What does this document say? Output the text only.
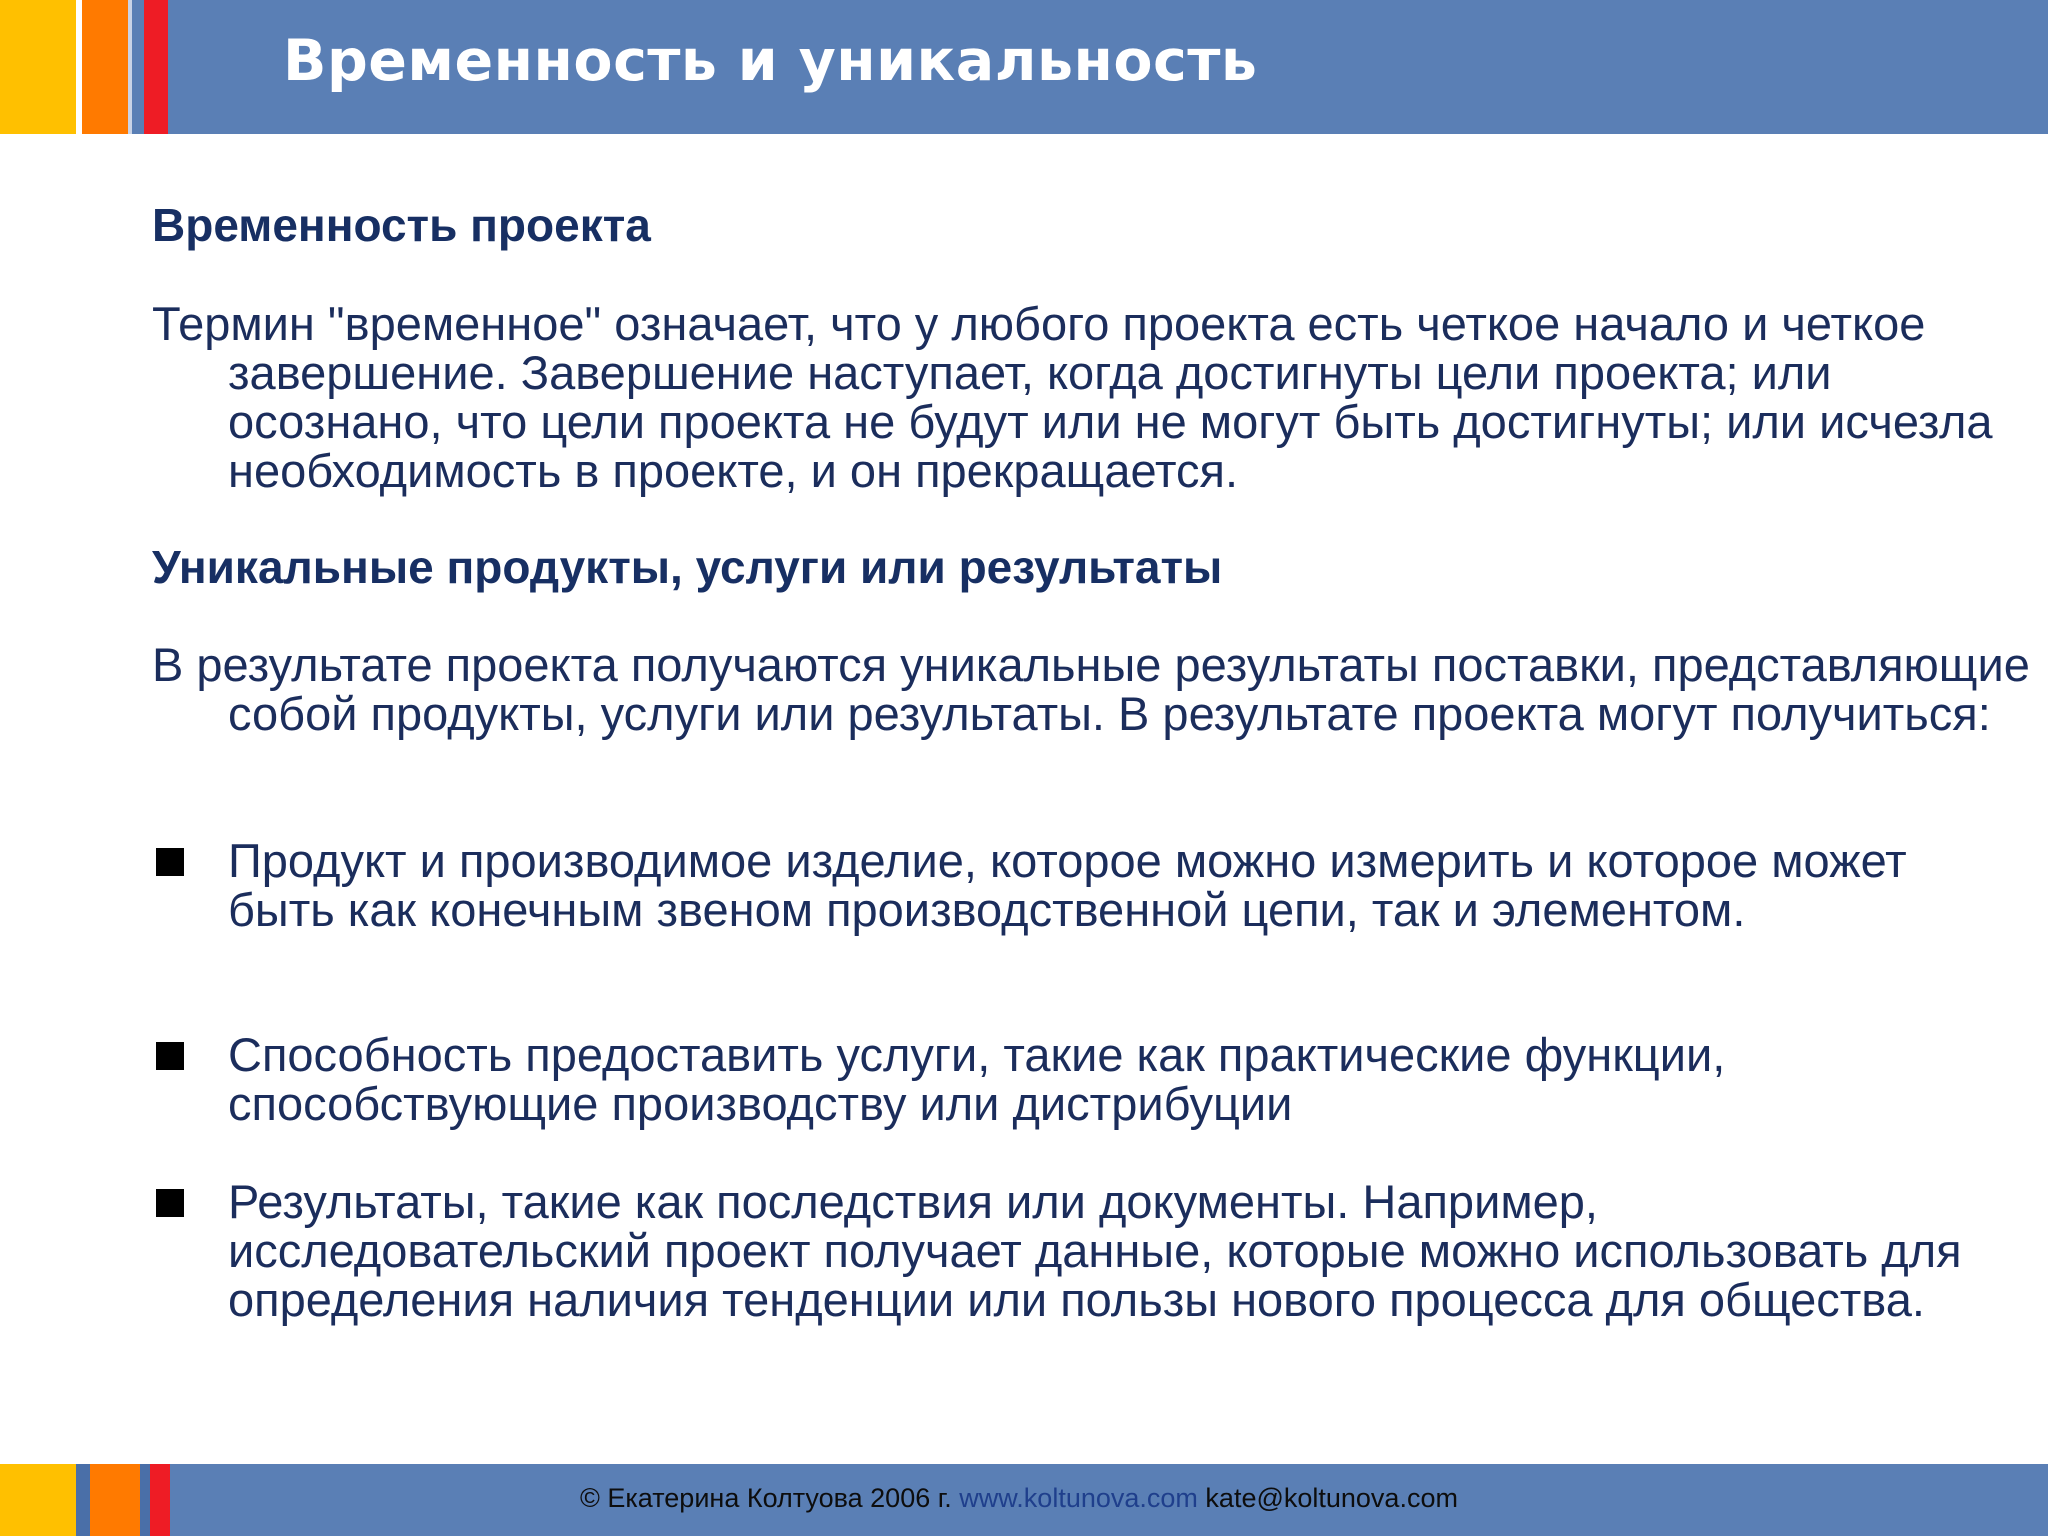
Временность и уникальность
Временность проекта
Термин "временное" означает, что у любого проекта есть четкое начало и четкое завершение. Завершение наступает, когда достигнуты цели проекта; или осознано, что цели проекта не будут или не могут быть достигнуты; или исчезла необходимость в проекте, и он прекращается.
Уникальные продукты, услуги или результаты
В результате проекта получаются уникальные результаты поставки, представляющие собой продукты, услуги или результаты. В результате проекта могут получиться:
Продукт и производимое изделие, которое можно измерить и которое может быть как конечным звеном производственной цепи, так и элементом.
Способность предоставить услуги, такие как практические функции, способствующие производству или дистрибуции
Результаты, такие как последствия или документы. Например, исследовательский проект получает данные, которые можно использовать для определения наличия тенденции или пользы нового процесса для общества.
© Екатерина Колтуова 2006 г. www.koltunova.com kate@koltunova.com
